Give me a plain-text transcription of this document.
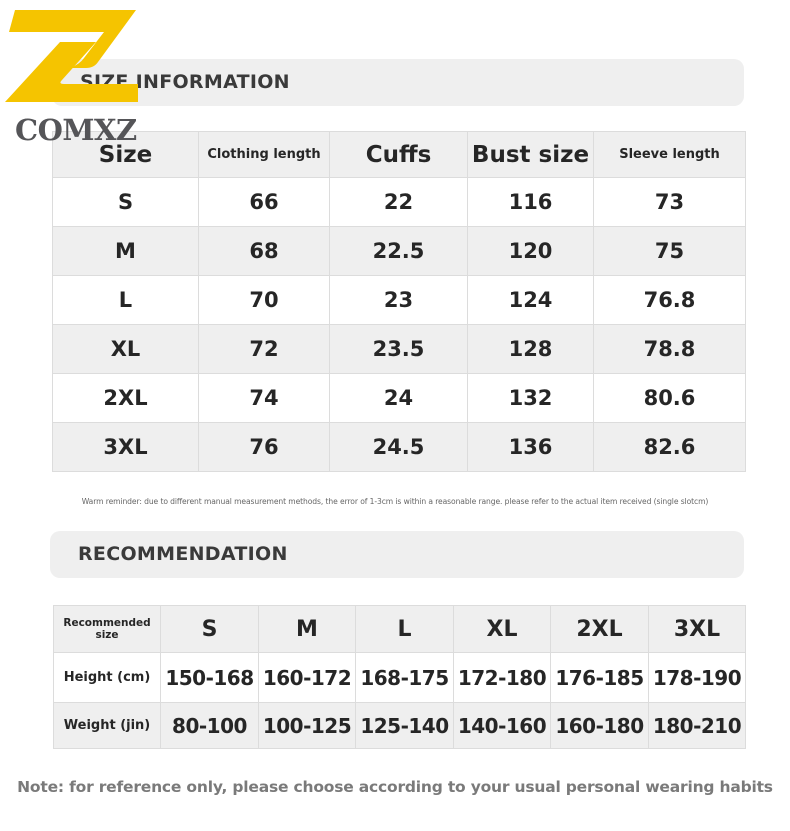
SIZE INFORMATION
COMXZ
Size	Clothing length	Cuffs	Bust size	Sleeve length
S	66	22	116	73
M	68	22.5	120	75
L	70	23	124	76.8
XL	72	23.5	128	78.8
2XL	74	24	132	80.6
3XL	76	24.5	136	82.6
Warm reminder: due to different manual measurement methods, the error of 1-3cm is within a reasonable range. please refer to the actual item received (single slotcm)
RECOMMENDATION
Recommended size	S	M	L	XL	2XL	3XL
Height (cm)	150-168	160-172	168-175	172-180	176-185	178-190
Weight (jin)	80-100	100-125	125-140	140-160	160-180	180-210
Note: for reference only, please choose according to your usual personal wearing habits
